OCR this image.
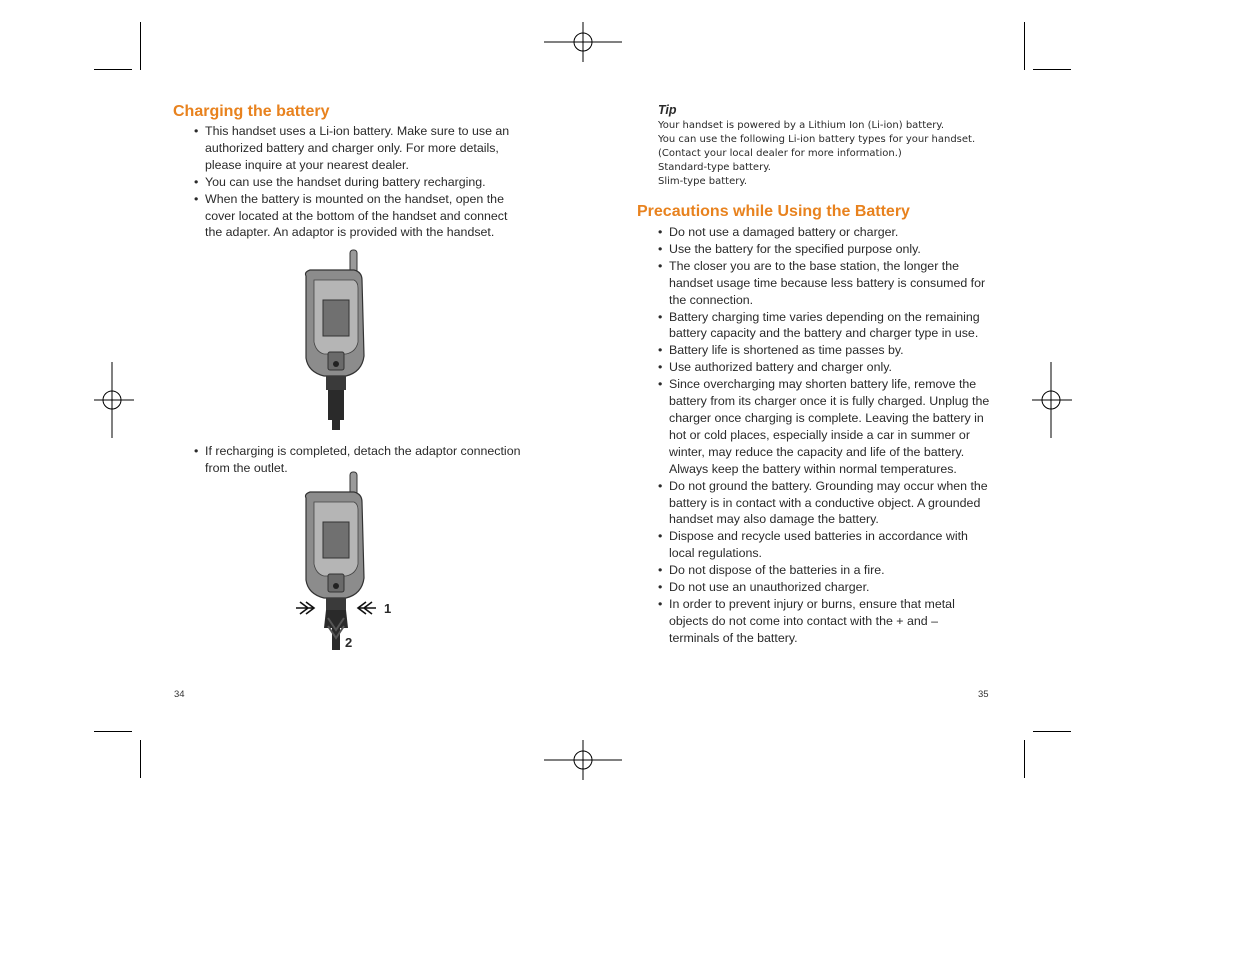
Charging the battery
• This handset uses a Li-ion battery. Make sure to use an authorized battery and charger only. For more details, please inquire at your nearest dealer.
• You can use the handset during battery recharging.
• When the battery is mounted on the handset, open the cover located at the bottom of the handset and connect the adapter. An adaptor is provided with the handset.
• If recharging is completed, detach the adaptor connection from the outlet.
1
2
34
Tip
Your handset is powered by a Lithium Ion (Li-ion) battery.
You can use the following Li-ion battery types for your handset.
(Contact your local dealer for more information.)
Standard-type battery.
Slim-type battery.
Precautions while Using the Battery
• Do not use a damaged battery or charger.
• Use the battery for the specified purpose only.
• The closer you are to the base station, the longer the handset usage time because less battery is consumed for the connection.
• Battery charging time varies depending on the remaining battery capacity and the battery and charger type in use.
• Battery life is shortened as time passes by.
• Use authorized battery and charger only.
• Since overcharging may shorten battery life, remove the battery from its charger once it is fully charged. Unplug the charger once charging is complete. Leaving the battery in hot or cold places, especially inside a car in summer or winter, may reduce the capacity and life of the battery. Always keep the battery within normal temperatures.
• Do not ground the battery. Grounding may occur when the battery is in contact with a conductive object. A grounded handset may also damage the battery.
• Dispose and recycle used batteries in accordance with local regulations.
• Do not dispose of the batteries in a fire.
• Do not use an unauthorized charger.
• In order to prevent injury or burns, ensure that metal objects do not come into contact with the + and – terminals of the battery.
35
